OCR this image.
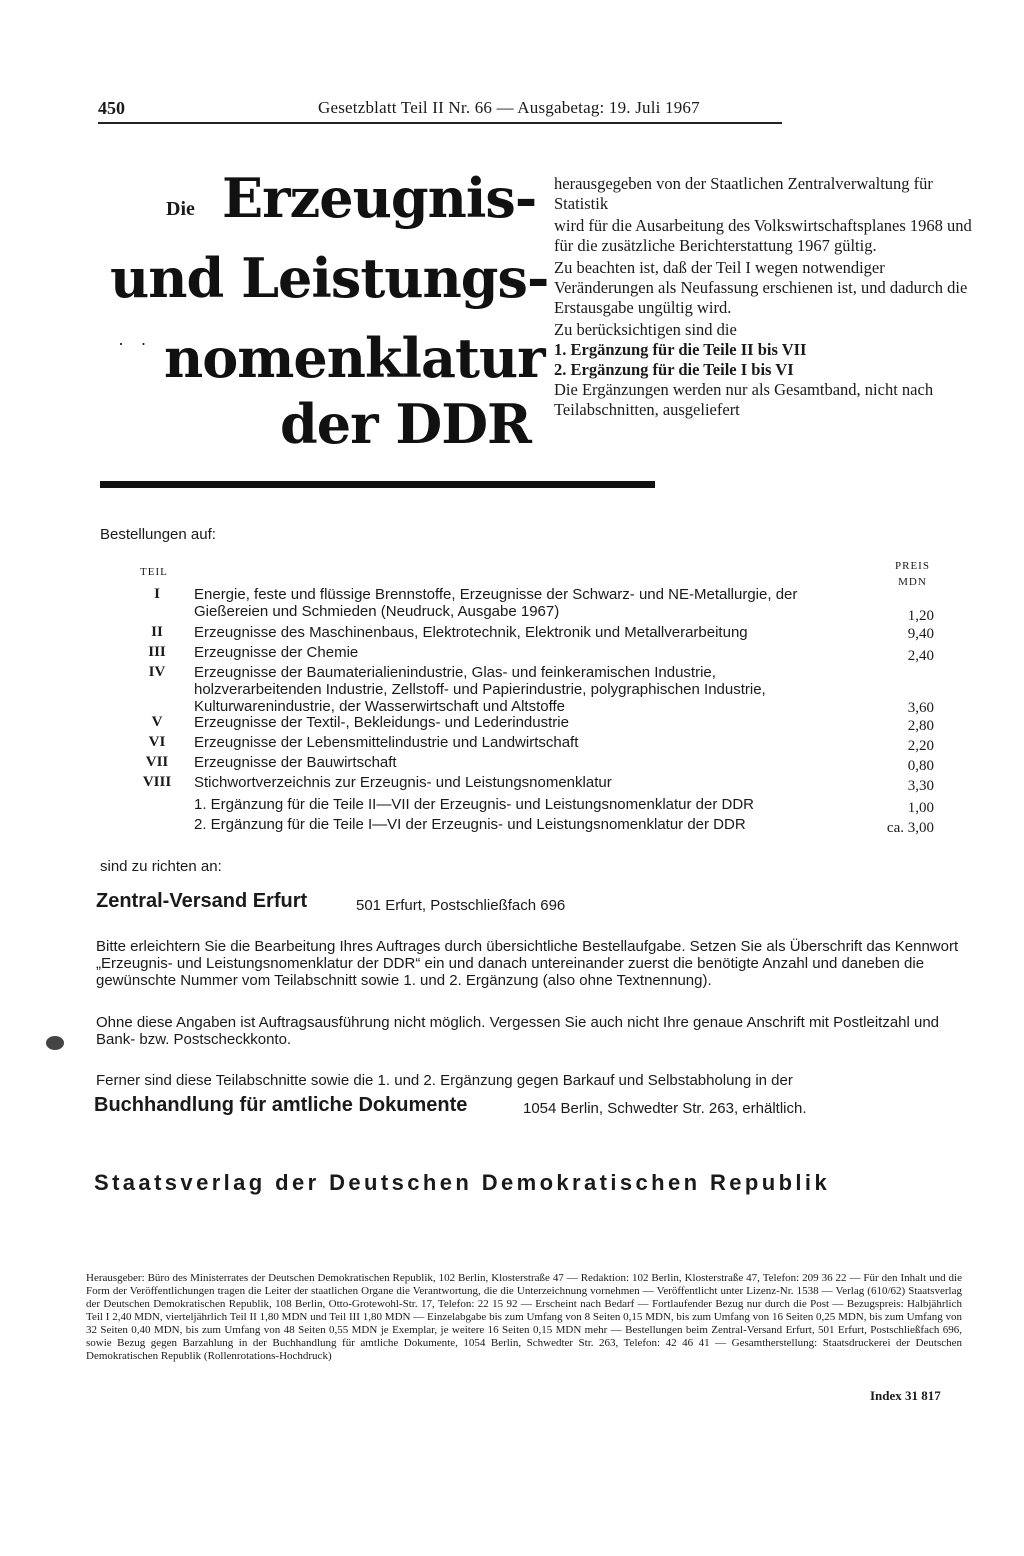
450	Gesetzblatt Teil II Nr. 66 — Ausgabetag: 19. Juli 1967
Die Erzeugnis-
und Leistungs-
· · nomenklatur
der DDR

herausgegeben von der Staatlichen Zentralverwaltung für Statistik

wird für die Ausarbeitung des Volkswirtschaftsplanes 1968 und für die zusätzliche Berichterstattung 1967 gültig.

Zu beachten ist, daß der Teil I wegen notwendiger Veränderungen als Neufassung erschienen ist, und dadurch die Erstausgabe ungültig wird.

Zu berücksichtigen sind die

1. Ergänzung für die Teile II bis VII

2. Ergänzung für die Teile I bis VI

Die Ergänzungen werden nur als Gesamtband, nicht nach Teilabschnitten, ausgeliefert

Bestellungen auf:
TEIL	PREIS
MDN
I	Energie, feste und flüssige Brennstoffe, Erzeugnisse der Schwarz- und NE-Metallurgie, der Gießereien und Schmieden (Neudruck, Ausgabe 1967)	1,20
II	Erzeugnisse des Maschinenbaus, Elektrotechnik, Elektronik und Metallverarbeitung	9,40
III	Erzeugnisse der Chemie	2,40
IV	Erzeugnisse der Baumaterialienindustrie, Glas- und feinkeramischen Industrie, holzverarbeitenden Industrie, Zellstoff- und Papierindustrie, polygraphischen Industrie, Kulturwarenindustrie, der Wasserwirtschaft und Altstoffe	3,60
V	Erzeugnisse der Textil-, Bekleidungs- und Lederindustrie	2,80
VI	Erzeugnisse der Lebensmittelindustrie und Landwirtschaft	2,20
VII	Erzeugnisse der Bauwirtschaft	0,80
VIII	Stichwortverzeichnis zur Erzeugnis- und Leistungsnomenklatur	3,30
1. Ergänzung für die Teile II—VII der Erzeugnis- und Leistungsnomenklatur der DDR	1,00
2. Ergänzung für die Teile I—VI der Erzeugnis- und Leistungsnomenklatur der DDR	ca. 3,00
sind zu richten an:
Zentral-Versand Erfurt	501 Erfurt, Postschließfach 696
Bitte erleichtern Sie die Bearbeitung Ihres Auftrages durch übersichtliche Bestellaufgabe. Setzen Sie als Überschrift das Kennwort „Erzeugnis- und Leistungsnomenklatur der DDR“ ein und danach untereinander zuerst die benötigte Anzahl und daneben die gewünschte Nummer vom Teilabschnitt sowie 1. und 2. Ergänzung (also ohne Textnennung).
Ohne diese Angaben ist Auftragsausführung nicht möglich. Vergessen Sie auch nicht Ihre genaue Anschrift mit Postleitzahl und Bank- bzw. Postscheckkonto.
Ferner sind diese Teilabschnitte sowie die 1. und 2. Ergänzung gegen Barkauf und Selbstabholung in der
Buchhandlung für amtliche Dokumente	1054 Berlin, Schwedter Str. 263, erhältlich.
Staatsverlag der Deutschen Demokratischen Republik
Herausgeber: Büro des Ministerrates der Deutschen Demokratischen Republik, 102 Berlin, Klosterstraße 47 — Redaktion: 102 Berlin, Klosterstraße 47, Telefon: 209 36 22 — Für den Inhalt und die Form der Veröffentlichungen tragen die Leiter der staatlichen Organe die Verantwortung, die die Unterzeichnung vornehmen — Veröffentlicht unter Lizenz-Nr. 1538 — Verlag (610/62) Staatsverlag der Deutschen Demokratischen Republik, 108 Berlin, Otto-Grotewohl-Str. 17, Telefon: 22 15 92 — Erscheint nach Bedarf — Fortlaufender Bezug nur durch die Post — Bezugspreis: Halbjährlich Teil I 2,40 MDN, vierteljährlich Teil II 1,80 MDN und Teil III 1,80 MDN — Einzelabgabe bis zum Umfang von 8 Seiten 0,15 MDN, bis zum Umfang von 16 Seiten 0,25 MDN, bis zum Umfang von 32 Seiten 0,40 MDN, bis zum Umfang von 48 Seiten 0,55 MDN je Exemplar, je weitere 16 Seiten 0,15 MDN mehr — Bestellungen beim Zentral-Versand Erfurt, 501 Erfurt, Postschließfach 696, sowie Bezug gegen Barzahlung in der Buchhandlung für amtliche Dokumente, 1054 Berlin, Schwedter Str. 263, Telefon: 42 46 41 — Gesamtherstellung: Staatsdruckerei der Deutschen Demokratischen Republik (Rollenrotations-Hochdruck)
Index 31 817
